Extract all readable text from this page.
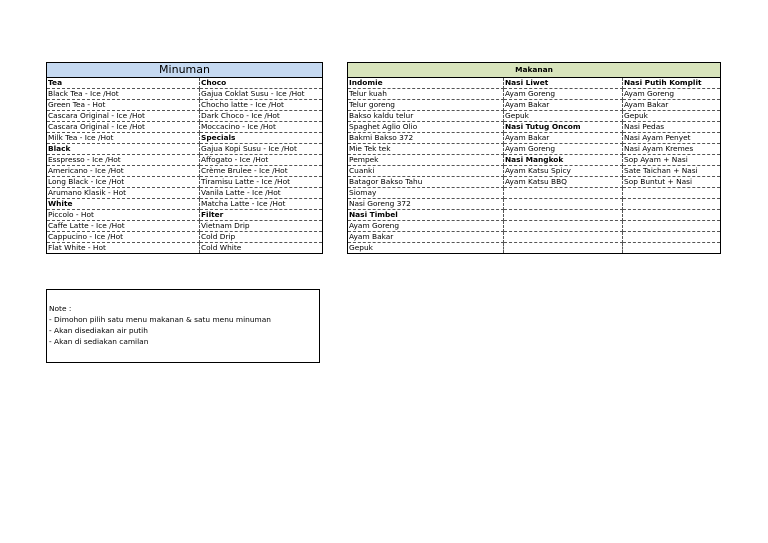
Minuman	
Tea	Choco
Black Tea - Ice /Hot	Gajua Coklat Susu - Ice /Hot
Green Tea - Hot	Chocho latte - Ice /Hot
Cascara Original - Ice /Hot	Dark Choco - Ice /Hot
Cascara Original - Ice /Hot	Moccacino - Ice /Hot
Milk Tea - Ice /Hot	Specials
Black	Gajua Kopi Susu - Ice /Hot
Esspresso - Ice /Hot	Affogato - Ice /Hot
Americano - Ice /Hot	Crème Brulee - Ice /Hot
Long Black - Ice /Hot	Tiramisu Latte - Ice /Hot
Arumano Klasik - Hot	Vanila Latte - Ice /Hot
White	Matcha Latte - Ice /Hot
Piccolo - Hot	Filter
Caffe Latte - Ice /Hot	Vietnam Drip
Cappucino - Ice /Hot	Cold Drip
Flat White - Hot	Cold White
Makanan		
Indomie	Nasi Liwet	Nasi Putih Komplit
Telur kuah	Ayam Goreng	Ayam Goreng
Telur goreng	Ayam Bakar	Ayam Bakar
Bakso kaldu telur	Gepuk	Gepuk
Spaghet Aglio Olio	Nasi Tutug Oncom	Nasi Pedas
Bakmi Bakso 372	Ayam Bakar	Nasi Ayam Penyet
Mie Tek tek	Ayam Goreng	Nasi Ayam Kremes
Pempek	Nasi Mangkok	Sop Ayam + Nasi
Cuanki	Ayam Katsu Spicy	Sate Taichan + Nasi
Batagor Bakso Tahu	Ayam Katsu BBQ	Sop Buntut + Nasi
Siomay		
Nasi Goreng 372		
Nasi Timbel		
Ayam Goreng		
Ayam Bakar		
Gepuk		
Note :
- Dimohon pilih satu menu makanan & satu menu minuman
- Akan disediakan air putih
- Akan di sediakan camilan
